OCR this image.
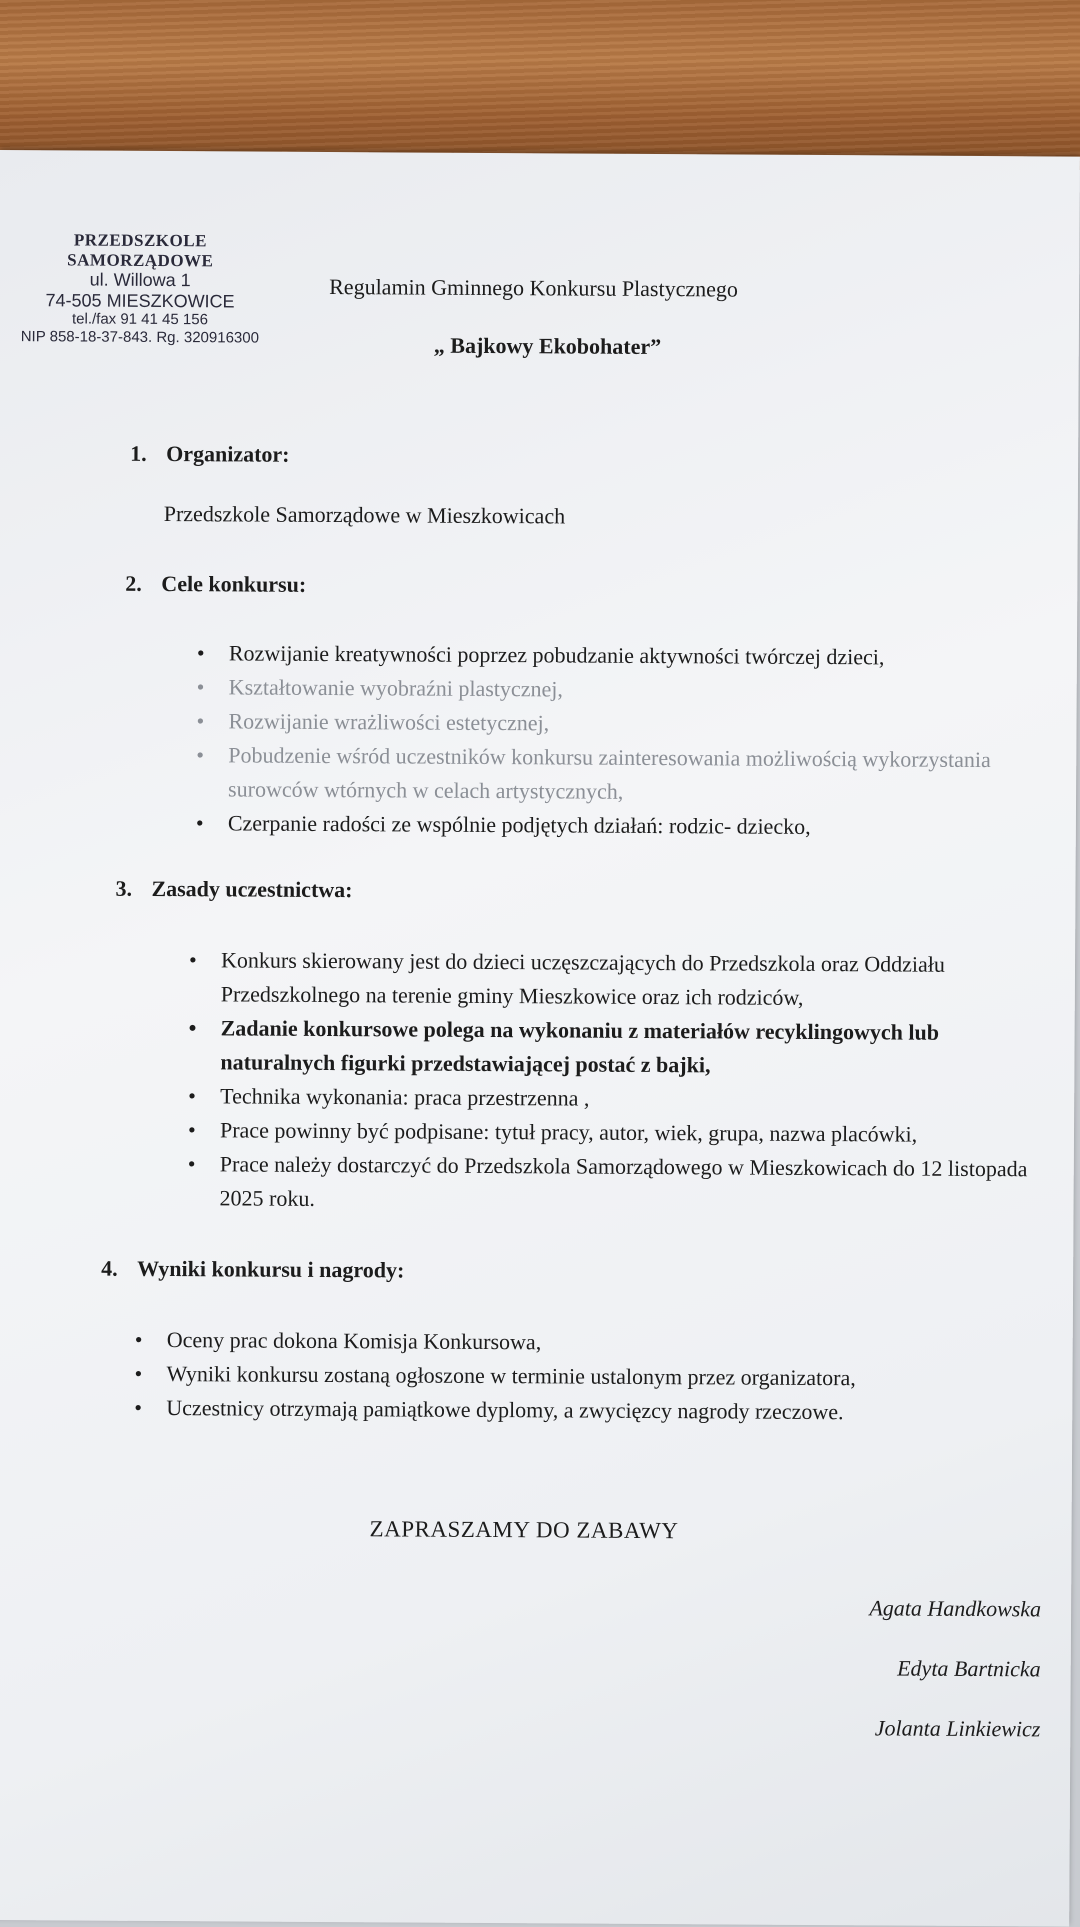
PRZEDSZKOLE SAMORZĄDOWE
ul. Willowa 1
74-505 MIESZKOWICE
tel./fax 91 41 45 156
NIP 858-18-37-843. Rg. 320916300
Regulamin Gminnego Konkursu Plastycznego
„ Bajkowy Ekobohater”
1. Organizator:
Przedszkole Samorządowe w Mieszkowicach
2. Cele konkursu:
• Rozwijanie kreatywności poprzez pobudzanie aktywności twórczej dzieci,
• Kształtowanie wyobraźni plastycznej,
• Rozwijanie wrażliwości estetycznej,
• Pobudzenie wśród uczestników konkursu zainteresowania możliwością wykorzystania surowców wtórnych w celach artystycznych,
• Czerpanie radości ze wspólnie podjętych działań: rodzic- dziecko,
3. Zasady uczestnictwa:
• Konkurs skierowany jest do dzieci uczęszczających do Przedszkola oraz Oddziału Przedszkolnego na terenie gminy Mieszkowice oraz ich rodziców,
• Zadanie konkursowe polega na wykonaniu z materiałów recyklingowych lub naturalnych figurki przedstawiającej postać z bajki,
• Technika wykonania: praca przestrzenna ,
• Prace powinny być podpisane: tytuł pracy, autor, wiek, grupa, nazwa placówki,
• Prace należy dostarczyć do Przedszkola Samorządowego w Mieszkowicach do 12 listopada 2025 roku.
4. Wyniki konkursu i nagrody:
• Oceny prac dokona Komisja Konkursowa,
• Wyniki konkursu zostaną ogłoszone w terminie ustalonym przez organizatora,
• Uczestnicy otrzymają pamiątkowe dyplomy, a zwycięzcy nagrody rzeczowe.
ZAPRASZAMY DO ZABAWY
Agata Handkowska
Edyta Bartnicka
Jolanta Linkiewicz
